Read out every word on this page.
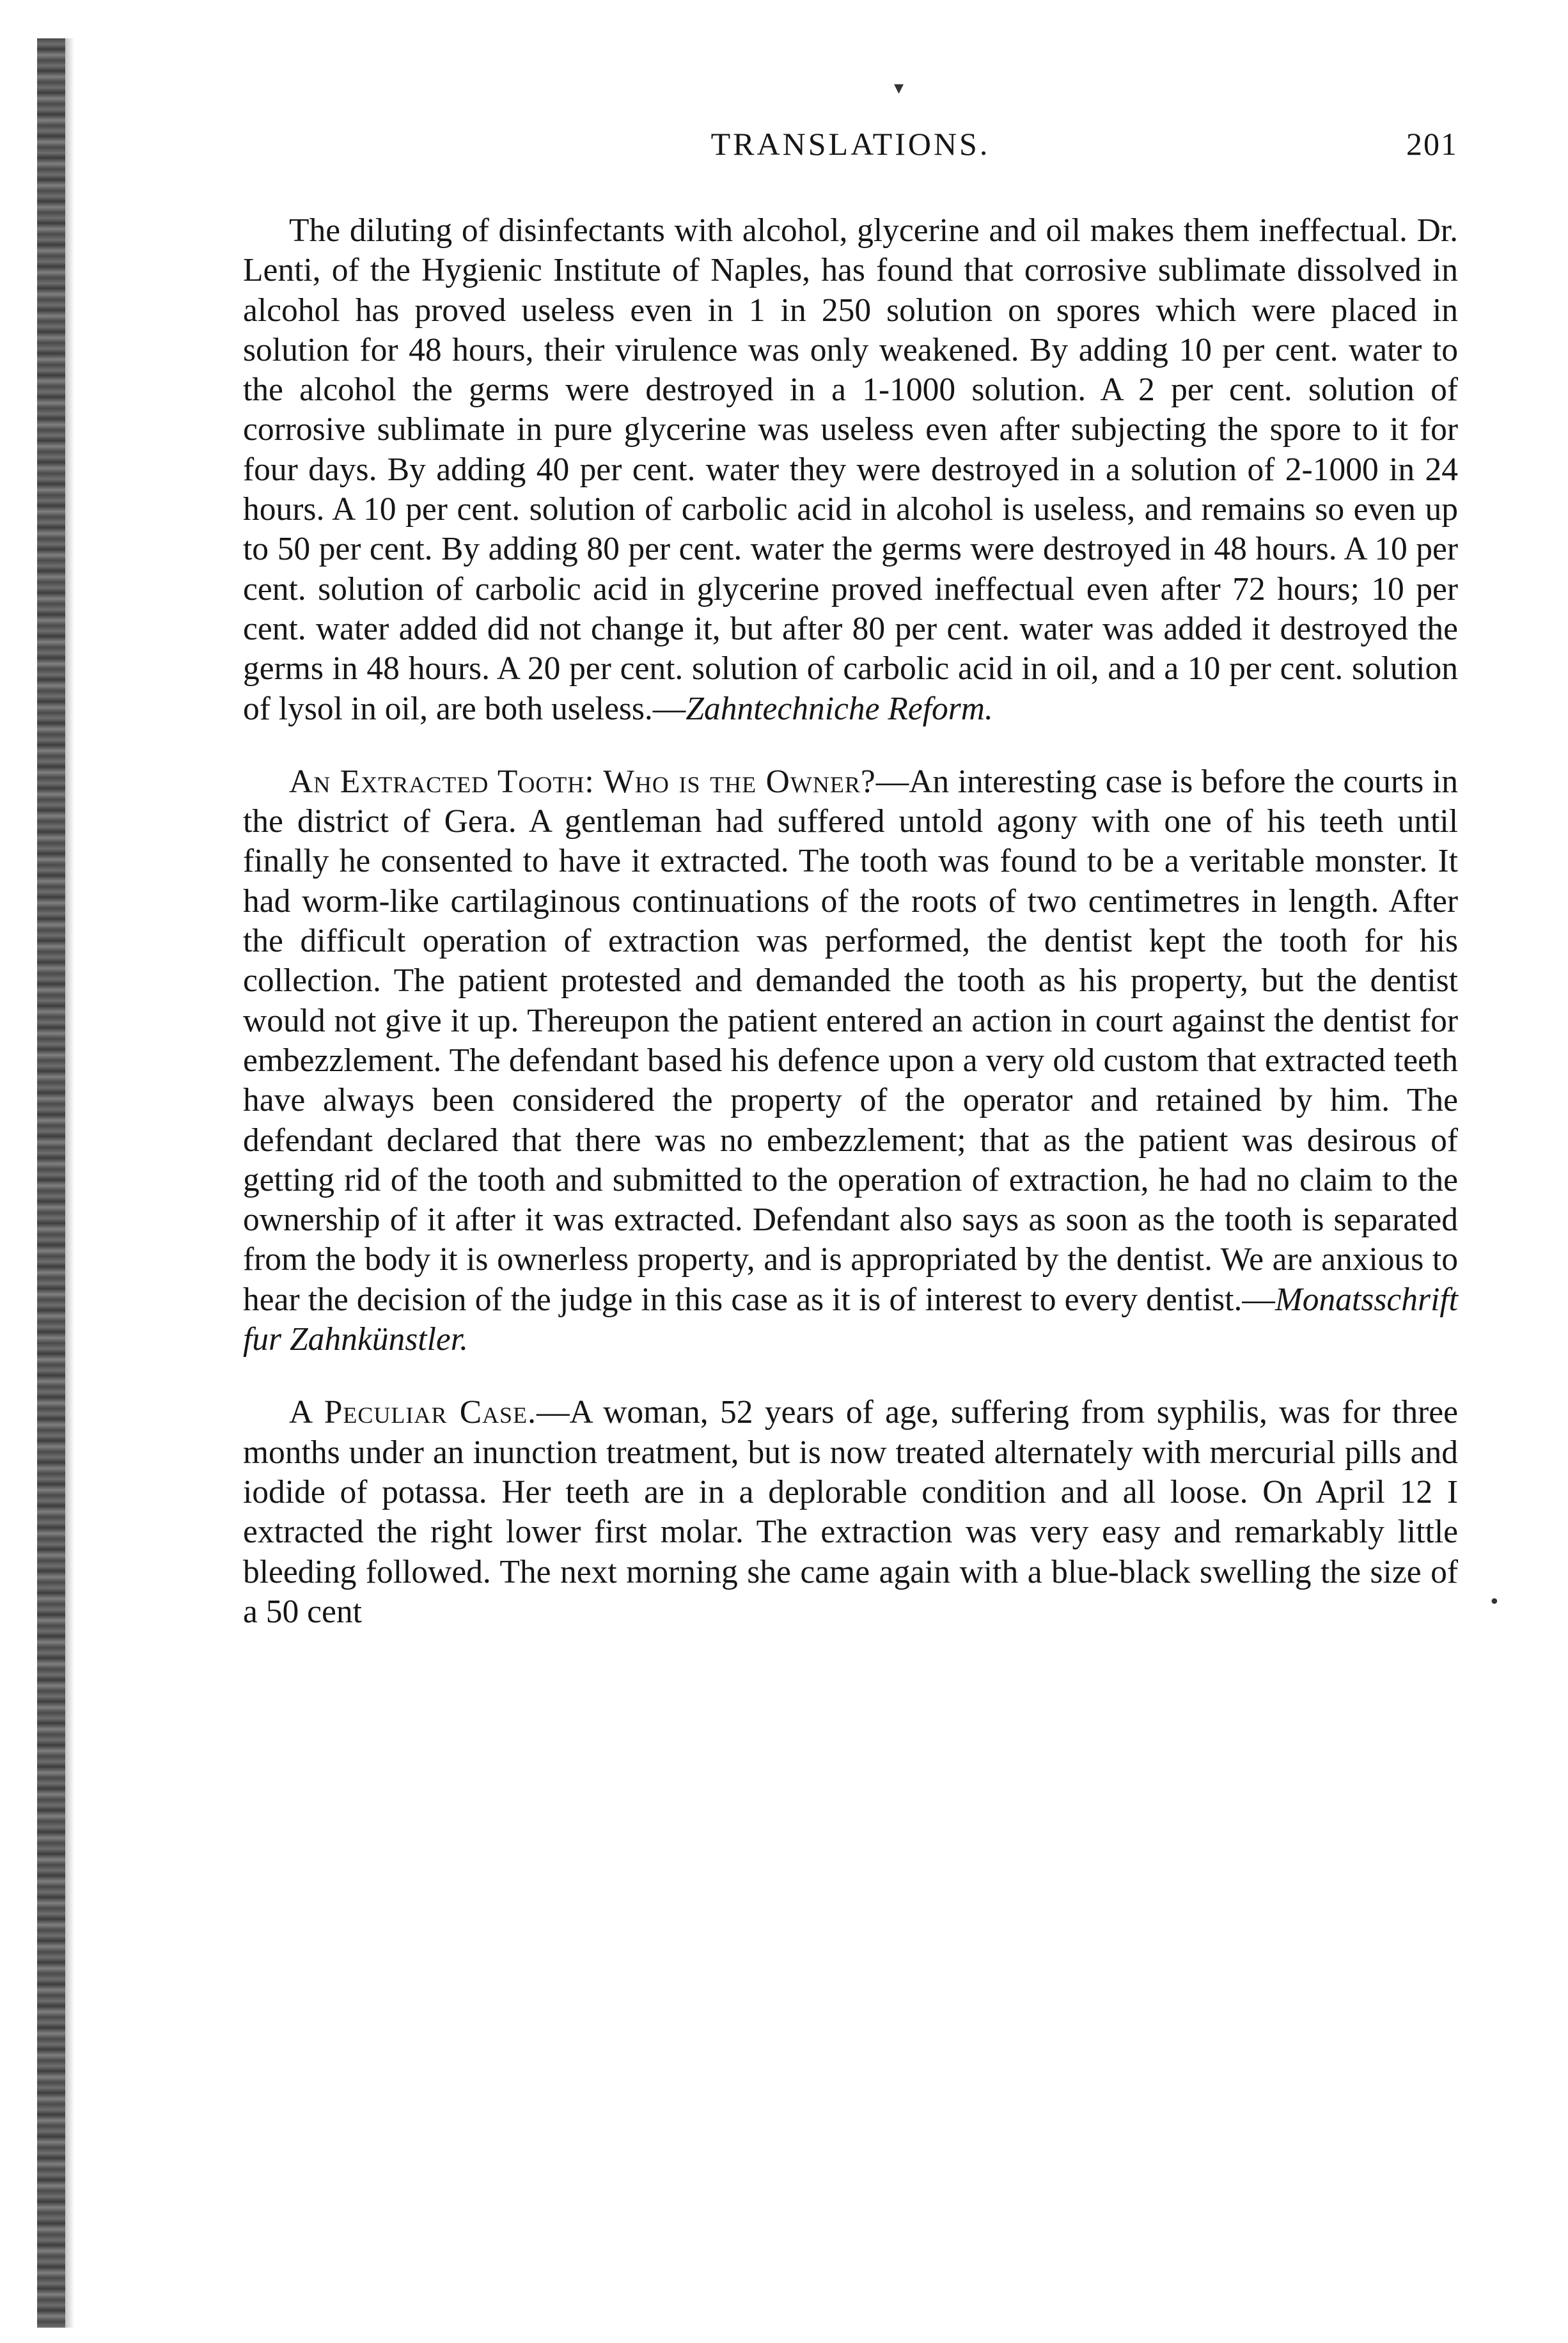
TRANSLATIONS.	201

The diluting of disinfectants with alcohol, glycerine and oil makes them ineffectual. Dr. Lenti, of the Hygienic Institute of Naples, has found that corrosive sublimate dissolved in alcohol has proved useless even in 1 in 250 solution on spores which were placed in solution for 48 hours, their virulence was only weakened. By adding 10 per cent. water to the alcohol the germs were destroyed in a 1-1000 solution. A 2 per cent. solution of corrosive sublimate in pure glycerine was useless even after subjecting the spore to it for four days. By adding 40 per cent. water they were destroyed in a solution of 2-1000 in 24 hours. A 10 per cent. solution of carbolic acid in alcohol is useless, and remains so even up to 50 per cent. By adding 80 per cent. water the germs were destroyed in 48 hours. A 10 per cent. solution of carbolic acid in glycerine proved ineffectual even after 72 hours; 10 per cent. water added did not change it, but after 80 per cent. water was added it destroyed the germs in 48 hours. A 20 per cent. solution of carbolic acid in oil, and a 10 per cent. solution of lysol in oil, are both useless.—Zahntechniche Reform.

An Extracted Tooth: Who is the Owner?—An interesting case is before the courts in the district of Gera. A gentleman had suffered untold agony with one of his teeth until finally he consented to have it extracted. The tooth was found to be a veritable monster. It had worm-like cartilaginous continuations of the roots of two centimetres in length. After the difficult operation of extraction was performed, the dentist kept the tooth for his collection. The patient protested and demanded the tooth as his property, but the dentist would not give it up. Thereupon the patient entered an action in court against the dentist for embezzlement. The defendant based his defence upon a very old custom that extracted teeth have always been considered the property of the operator and retained by him. The defendant declared that there was no embezzlement; that as the patient was desirous of getting rid of the tooth and submitted to the operation of extraction, he had no claim to the ownership of it after it was extracted. Defendant also says as soon as the tooth is separated from the body it is ownerless property, and is appropriated by the dentist. We are anxious to hear the decision of the judge in this case as it is of interest to every dentist.—Monatsschrift fur Zahnkünstler.

A Peculiar Case.—A woman, 52 years of age, suffering from syphilis, was for three months under an inunction treatment, but is now treated alternately with mercurial pills and iodide of potassa. Her teeth are in a deplorable condition and all loose. On April 12 I extracted the right lower first molar. The extraction was very easy and remarkably little bleeding followed. The next morning she came again with a blue-black swelling the size of a 50 cent

▾
•
